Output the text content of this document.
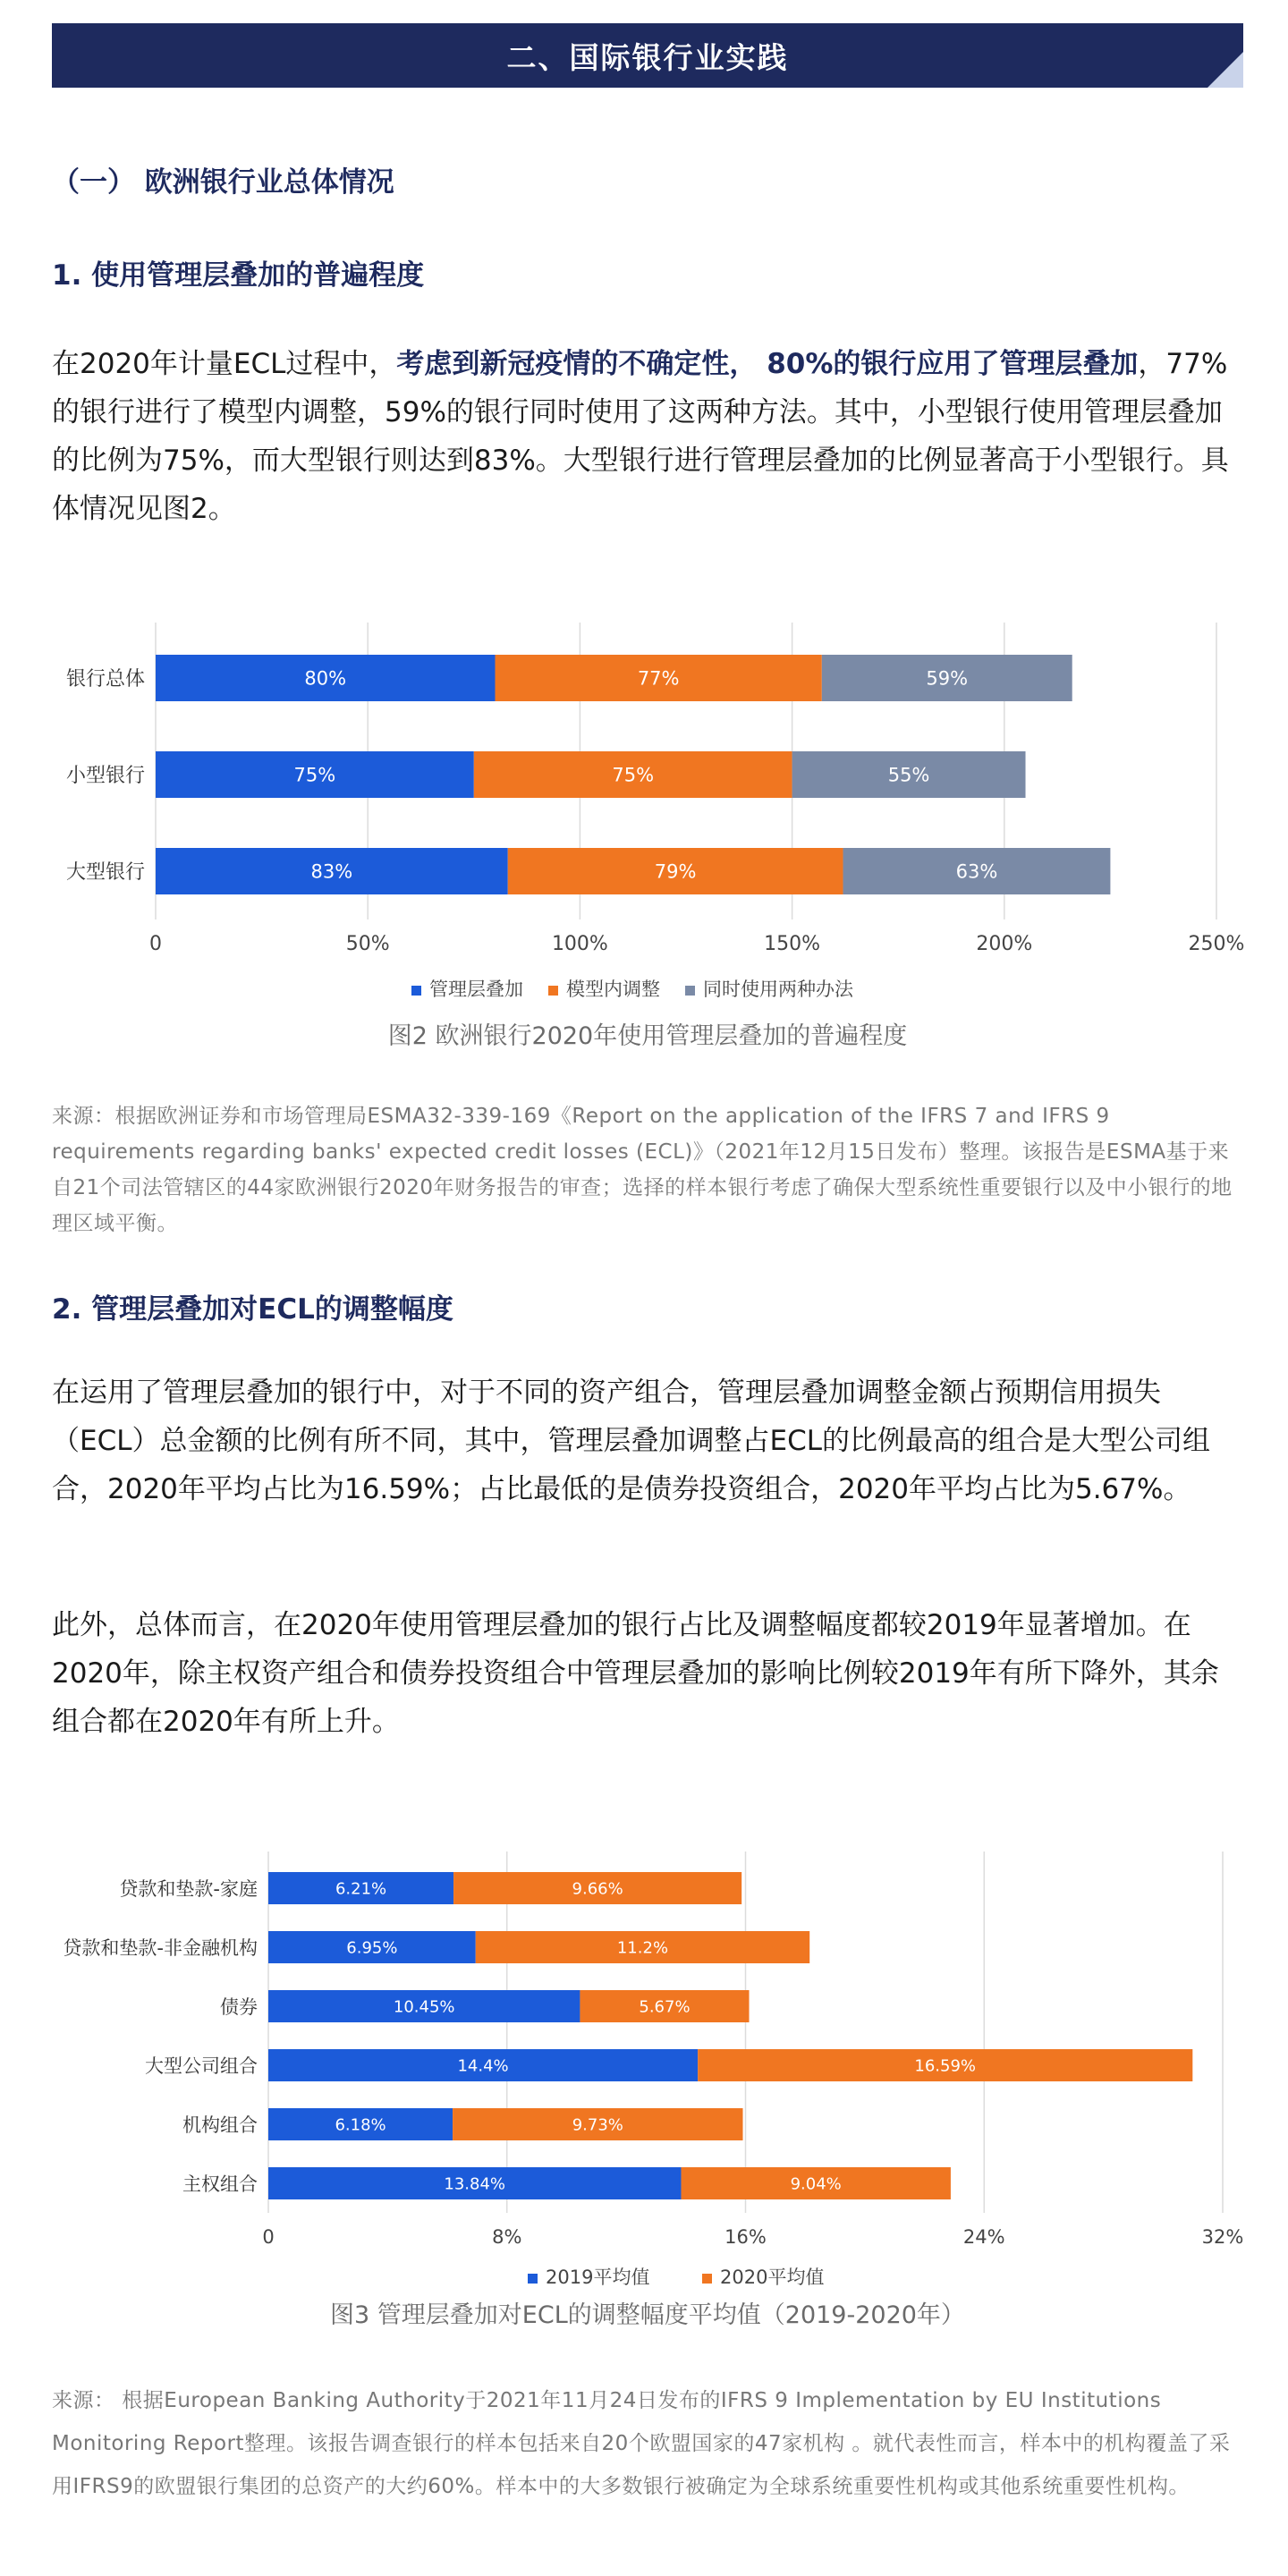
二、国际银行业实践
（一） 欧洲银行业总体情况
1. 使用管理层叠加的普遍程度
在2020年计量ECL过程中，考虑到新冠疫情的不确定性， 80%的银行应用了管理层叠加，77%的银行进行了模型内调整，59%的银行同时使用了这两种方法。其中，小型银行使用管理层叠加的比例为75%，而大型银行则达到83%。大型银行进行管理层叠加的比例显著高于小型银行。具体情况见图2。
0	50%	100%	150%	200%	250%
银行总体	80%	77%	59%
小型银行	75%	75%	55%
大型银行	83%	79%	63%
管理层叠加 模型内调整 同时使用两种办法
图2 欧洲银行2020年使用管理层叠加的普遍程度
来源：根据欧洲证券和市场管理局ESMA32-339-169《Report on the application of the IFRS 7 and IFRS 9 requirements regarding banks' expected credit losses (ECL)》（2021年12月15日发布）整理。该报告是ESMA基于来自21个司法管辖区的44家欧洲银行2020年财务报告的审查；选择的样本银行考虑了确保大型系统性重要银行以及中小银行的地理区域平衡。
2. 管理层叠加对ECL的调整幅度
在运用了管理层叠加的银行中，对于不同的资产组合，管理层叠加调整金额占预期信用损失（ECL）总金额的比例有所不同，其中，管理层叠加调整占ECL的比例最高的组合是大型公司组合，2020年平均占比为16.59%；占比最低的是债券投资组合，2020年平均占比为5.67%。
此外，总体而言，在2020年使用管理层叠加的银行占比及调整幅度都较2019年显著增加。在2020年，除主权资产组合和债券投资组合中管理层叠加的影响比例较2019年有所下降外，其余组合都在2020年有所上升。
0	8%	16%	24%	32%
贷款和垫款-家庭	6.21%	9.66%
贷款和垫款-非金融机构	6.95%	11.2%
债券	10.45%	5.67%
大型公司组合	14.4%	16.59%
机构组合	6.18%	9.73%
主权组合	13.84%	9.04%
2019平均值	2020平均值
图3 管理层叠加对ECL的调整幅度平均值（2019-2020年）
来源： 根据European Banking Authority于2021年11月24日发布的IFRS 9 Implementation by EU Institutions Monitoring Report整理。该报告调查银行的样本包括来自20个欧盟国家的47家机构 。就代表性而言，样本中的机构覆盖了采用IFRS9的欧盟银行集团的总资产的大约60%。样本中的大多数银行被确定为全球系统重要性机构或其他系统重要性机构。
